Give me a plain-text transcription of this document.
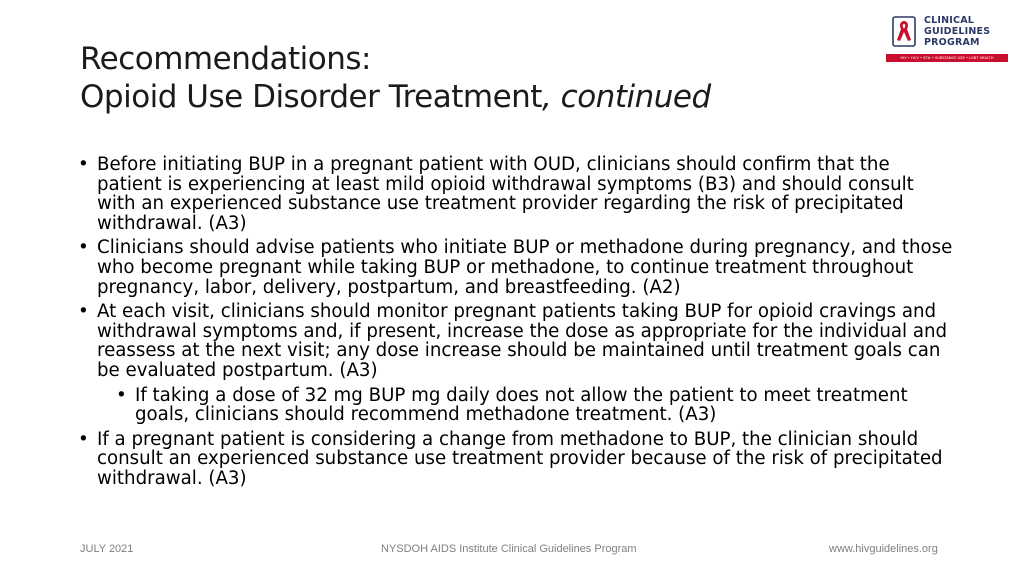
Recommendations:
Opioid Use Disorder Treatment, continued
CLINICAL
GUIDELINES
PROGRAM
HIV • HCV • STIs • SUBSTANCE USE • LGBT HEALTH
• Before initiating BUP in a pregnant patient with OUD, clinicians should confirm that the patient is experiencing at least mild opioid withdrawal symptoms (B3) and should consult with an experienced substance use treatment provider regarding the risk of precipitated withdrawal. (A3)
• Clinicians should advise patients who initiate BUP or methadone during pregnancy, and those who become pregnant while taking BUP or methadone, to continue treatment throughout pregnancy, labor, delivery, postpartum, and breastfeeding. (A2)
• At each visit, clinicians should monitor pregnant patients taking BUP for opioid cravings and withdrawal symptoms and, if present, increase the dose as appropriate for the individual and reassess at the next visit; any dose increase should be maintained until treatment goals can be evaluated postpartum. (A3)
• If taking a dose of 32 mg BUP mg daily does not allow the patient to meet treatment goals, clinicians should recommend methadone treatment. (A3)
• If a pregnant patient is considering a change from methadone to BUP, the clinician should consult an experienced substance use treatment provider because of the risk of precipitated withdrawal. (A3)
JULY 2021	NYSDOH AIDS Institute Clinical Guidelines Program	www.hivguidelines.org
